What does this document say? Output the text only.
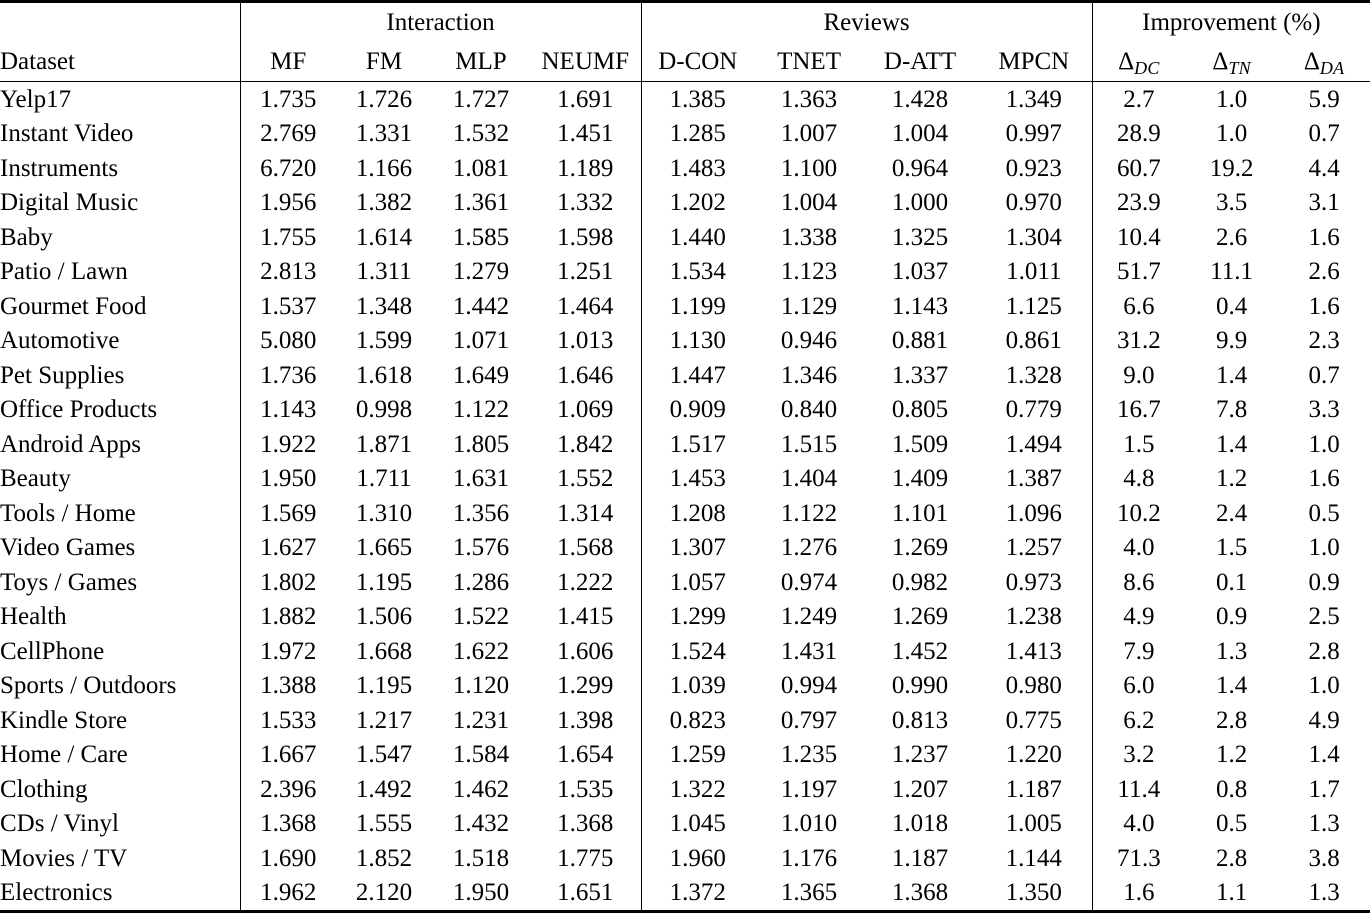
	Interaction				Reviews				Improvement (%)		
Dataset	MF	FM	MLP	NEUMF	D-CON	TNET	D-ATT	MPCN	$\Delta_{DC}$	$\Delta_{TN}$	$\Delta_{DA}$
Yelp17	1.735	1.726	1.727	1.691	1.385	1.363	1.428	1.349	2.7	1.0	5.9
Instant Video	2.769	1.331	1.532	1.451	1.285	1.007	1.004	0.997	28.9	1.0	0.7
Instruments	6.720	1.166	1.081	1.189	1.483	1.100	0.964	0.923	60.7	19.2	4.4
Digital Music	1.956	1.382	1.361	1.332	1.202	1.004	1.000	0.970	23.9	3.5	3.1
Baby	1.755	1.614	1.585	1.598	1.440	1.338	1.325	1.304	10.4	2.6	1.6
Patio / Lawn	2.813	1.311	1.279	1.251	1.534	1.123	1.037	1.011	51.7	11.1	2.6
Gourmet Food	1.537	1.348	1.442	1.464	1.199	1.129	1.143	1.125	6.6	0.4	1.6
Automotive	5.080	1.599	1.071	1.013	1.130	0.946	0.881	0.861	31.2	9.9	2.3
Pet Supplies	1.736	1.618	1.649	1.646	1.447	1.346	1.337	1.328	9.0	1.4	0.7
Office Products	1.143	0.998	1.122	1.069	0.909	0.840	0.805	0.779	16.7	7.8	3.3
Android Apps	1.922	1.871	1.805	1.842	1.517	1.515	1.509	1.494	1.5	1.4	1.0
Beauty	1.950	1.711	1.631	1.552	1.453	1.404	1.409	1.387	4.8	1.2	1.6
Tools / Home	1.569	1.310	1.356	1.314	1.208	1.122	1.101	1.096	10.2	2.4	0.5
Video Games	1.627	1.665	1.576	1.568	1.307	1.276	1.269	1.257	4.0	1.5	1.0
Toys / Games	1.802	1.195	1.286	1.222	1.057	0.974	0.982	0.973	8.6	0.1	0.9
Health	1.882	1.506	1.522	1.415	1.299	1.249	1.269	1.238	4.9	0.9	2.5
CellPhone	1.972	1.668	1.622	1.606	1.524	1.431	1.452	1.413	7.9	1.3	2.8
Sports / Outdoors	1.388	1.195	1.120	1.299	1.039	0.994	0.990	0.980	6.0	1.4	1.0
Kindle Store	1.533	1.217	1.231	1.398	0.823	0.797	0.813	0.775	6.2	2.8	4.9
Home / Care	1.667	1.547	1.584	1.654	1.259	1.235	1.237	1.220	3.2	1.2	1.4
Clothing	2.396	1.492	1.462	1.535	1.322	1.197	1.207	1.187	11.4	0.8	1.7
CDs / Vinyl	1.368	1.555	1.432	1.368	1.045	1.010	1.018	1.005	4.0	0.5	1.3
Movies / TV	1.690	1.852	1.518	1.775	1.960	1.176	1.187	1.144	71.3	2.8	3.8
Electronics	1.962	2.120	1.950	1.651	1.372	1.365	1.368	1.350	1.6	1.1	1.3
